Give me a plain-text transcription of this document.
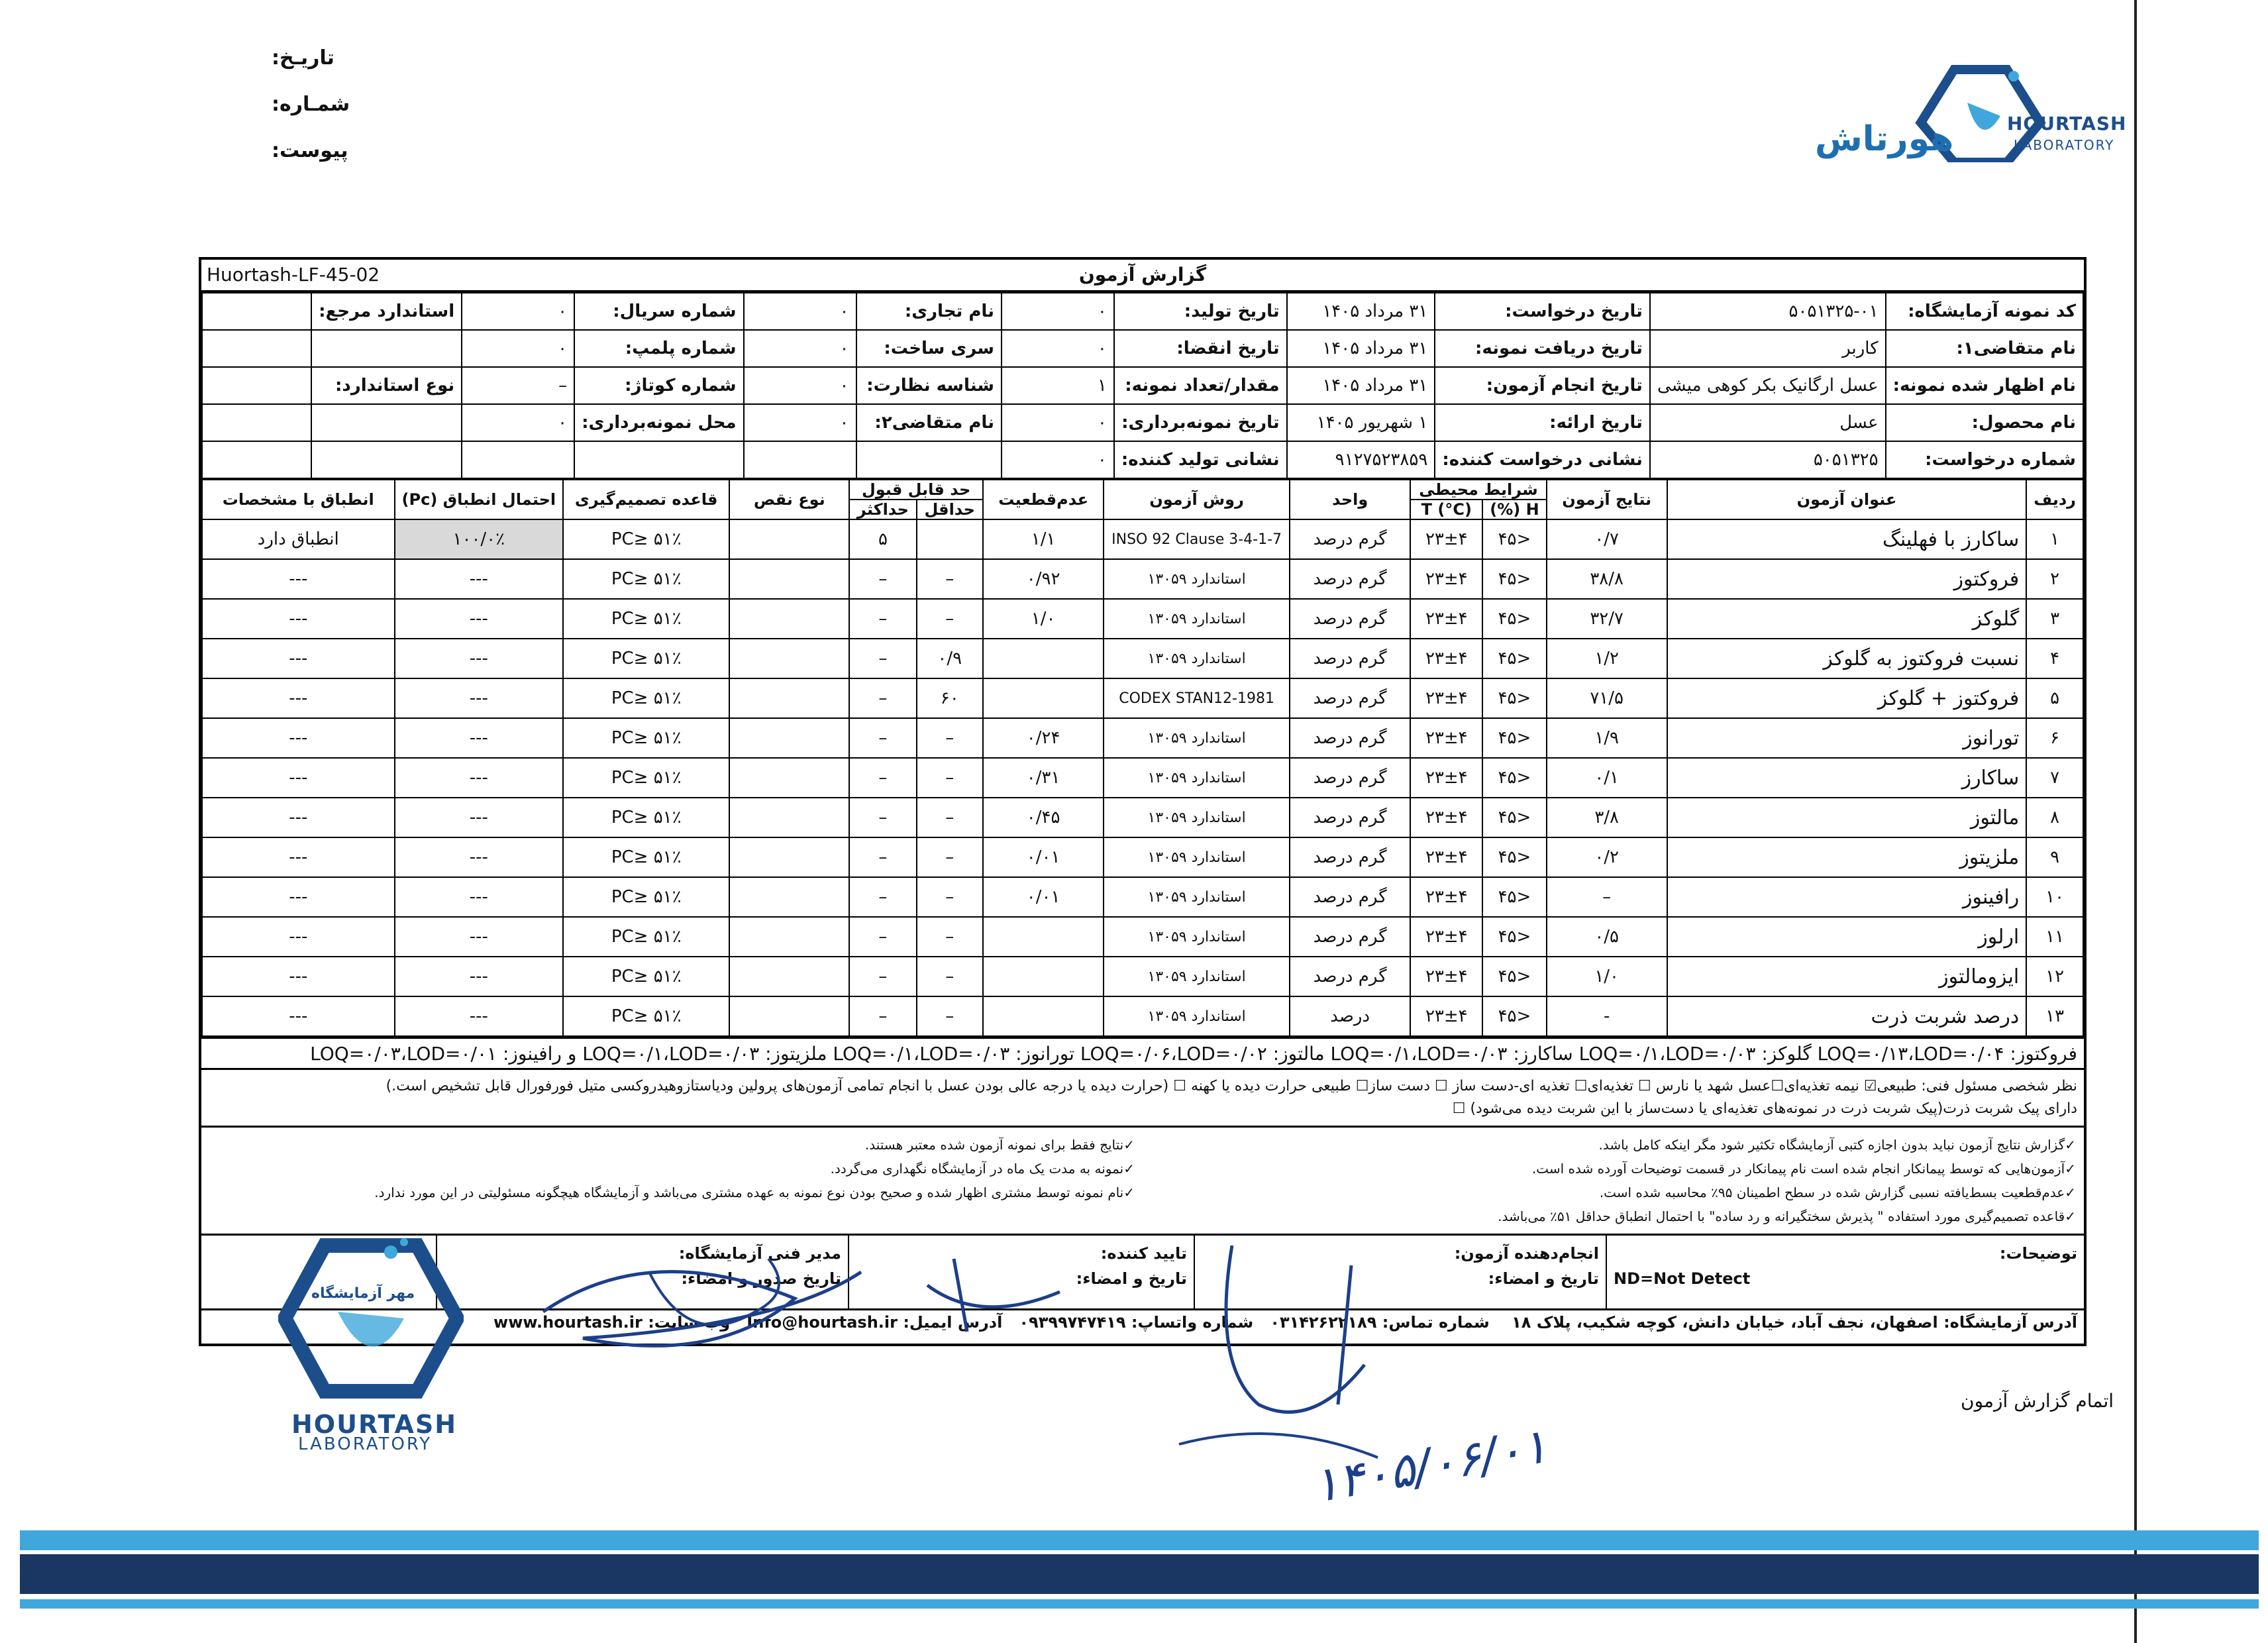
تاریـخ:
شمـاره:
پیوست:	هورتاش	HOURTASH
LABORATORY
Huortash-LF-45-02	گزارش آزمون
کد نمونه آزمایشگاه:	۵۰۵۱۳۲۵-۰۱	تاریخ درخواست:	۳۱ مرداد ۱۴۰۵	تاریخ تولید:	۰	نام تجاری:	۰	شماره سریال:	۰	استاندارد مرجع:	
نام متقاضی۱:	کاربر	تاریخ دریافت نمونه:	۳۱ مرداد ۱۴۰۵	تاریخ انقضا:	۰	سری ساخت:	۰	شماره پلمپ:	۰		
نام اظهار شده نمونه:	عسل ارگانیک بکر کوهی میشی	تاریخ انجام آزمون:	۳۱ مرداد ۱۴۰۵	مقدار/تعداد نمونه:	۱	شناسه نظارت:	۰	شماره کوتاژ:	–	نوع استاندارد:	
نام محصول:	عسل	تاریخ ارائه:	۱ شهریور ۱۴۰۵	تاریخ نمونه‌برداری:	۰	نام متقاضی۲:	۰	محل نمونه‌برداری:	۰		
شماره درخواست:	۵۰۵۱۳۲۵	نشانی درخواست کننده:	۹۱۲۷۵۲۳۸۵۹	نشانی تولید کننده:	۰						
ردیف	عنوان آزمون	نتایج آزمون	شرایط محیطی		واحد	روش آزمون	عدم‌قطعیت	حد قابل قبول		نوع نقص	قاعده تصمیم‌گیری	احتمال انطباق (Pc)	انطباق با مشخصات
			H (%)	T (°C)				حداقل	حداکثر				
۱	ساکارز با فهلینگ	۰/۷	<۴۵	۲۳±۴	گرم درصد	INSO 92 Clause 3-4-1-7	۱/۱		۵		PC≥ ۵۱٪	۱۰۰/۰٪	انطباق دارد
۲	فروکتوز	۳۸/۸	<۴۵	۲۳±۴	گرم درصد	استاندارد ۱۳۰۵۹	۰/۹۲	–	–		PC≥ ۵۱٪	---	---
۳	گلوکز	۳۲/۷	<۴۵	۲۳±۴	گرم درصد	استاندارد ۱۳۰۵۹	۱/۰	–	–		PC≥ ۵۱٪	---	---
۴	نسبت فروکتوز به گلوکز	۱/۲	<۴۵	۲۳±۴	گرم درصد	استاندارد ۱۳۰۵۹		۰/۹	–		PC≥ ۵۱٪	---	---
۵	فروکتوز + گلوکز	۷۱/۵	<۴۵	۲۳±۴	گرم درصد	CODEX STAN12-1981		۶۰	–		PC≥ ۵۱٪	---	---
۶	تورانوز	۱/۹	<۴۵	۲۳±۴	گرم درصد	استاندارد ۱۳۰۵۹	۰/۲۴	–	–		PC≥ ۵۱٪	---	---
۷	ساکارز	۰/۱	<۴۵	۲۳±۴	گرم درصد	استاندارد ۱۳۰۵۹	۰/۳۱	–	–		PC≥ ۵۱٪	---	---
۸	مالتوز	۳/۸	<۴۵	۲۳±۴	گرم درصد	استاندارد ۱۳۰۵۹	۰/۴۵	–	–		PC≥ ۵۱٪	---	---
۹	ملزیتوز	۰/۲	<۴۵	۲۳±۴	گرم درصد	استاندارد ۱۳۰۵۹	۰/۰۱	–	–		PC≥ ۵۱٪	---	---
۱۰	رافینوز	–	<۴۵	۲۳±۴	گرم درصد	استاندارد ۱۳۰۵۹	۰/۰۱	–	–		PC≥ ۵۱٪	---	---
۱۱	ارلوز	۰/۵	<۴۵	۲۳±۴	گرم درصد	استاندارد ۱۳۰۵۹		–	–		PC≥ ۵۱٪	---	---
۱۲	ایزومالتوز	۱/۰	<۴۵	۲۳±۴	گرم درصد	استاندارد ۱۳۰۵۹		–	–		PC≥ ۵۱٪	---	---
۱۳	درصد شربت ذرت	-	<۴۵	۲۳±۴	درصد	استاندارد ۱۳۰۵۹		–	–		PC≥ ۵۱٪	---	---
فروکتوز: LOQ=۰/۱۳،LOD=۰/۰۴ گلوکز: LOQ=۰/۱،LOD=۰/۰۳ ساکارز: LOQ=۰/۱،LOD=۰/۰۳ مالتوز: LOQ=۰/۰۶،LOD=۰/۰۲ تورانوز: LOQ=۰/۱،LOD=۰/۰۳ ملزیتوز: LOQ=۰/۱،LOD=۰/۰۳ و رافینوز: LOQ=۰/۰۳،LOD=۰/۰۱
نظر شخصی مسئول فنی: طبیعی☑ نیمه تغذیه‌ای☐عسل شهد یا نارس ☐ تغذیه‌ای☐ تغذیه ای-دست ساز ☐ دست ساز☐ طبیعی حرارت دیده یا کهنه ☐ (حرارت دیده یا درجه عالی بودن عسل با انجام تمامی آزمون‌های پرولین ودیاستازوهیدروکسی متیل فورفورال قابل تشخیص است.)
دارای پیک شربت ذرت(پیک شربت ذرت در نمونه‌های تغذیه‌ای یا دست‌ساز با این شربت دیده می‌شود) ☐
✓گزارش نتایج آزمون نباید بدون اجازه کتبی آزمایشگاه تکثیر شود مگر اینکه کامل باشد.
✓آزمون‌هایی که توسط پیمانکار انجام شده است نام پیمانکار در قسمت توضیحات آورده شده است.
✓عدم‌قطعیت بسط‌یافته نسبی گزارش شده در سطح اطمینان ۹۵٪ محاسبه شده است.
✓قاعده تصمیم‌گیری مورد استفاده " پذیرش سختگیرانه و رد ساده" با احتمال انطباق حداقل ۵۱٪ می‌باشد.
✓نتایج فقط برای نمونه آزمون شده معتبر هستند.
✓نمونه به مدت یک ماه در آزمایشگاه نگهداری می‌گردد.
✓نام نمونه توسط مشتری اظهار شده و صحیح بودن نوع نمونه به عهده مشتری می‌باشد و آزمایشگاه هیچگونه مسئولیتی در این مورد ندارد.
توضیحات:

ND=Not Detect
انجام‌دهنده آزمون:
تاریخ و امضاء:
تایید کننده:
تاریخ و امضاء:
مدیر فنی آزمایشگاه:
تاریخ صدور و امضاء:
آدرس آزمایشگاه: اصفهان، نجف آباد، خیابان دانش، کوچه شکیب، پلاک ۱۸    شماره تماس: ۰۳۱۴۲۶۲۲۱۸۹   شماره واتساپ: ۰۹۳۹۹۷۴۷۴۱۹   آدرس ایمیل: Info@hourtash.ir   وب سایت: www.hourtash.ir
اتمام گزارش آزمون
مهر آزمایشگاه
HOURTASH
LABORATORY	۱۴۰۵/۰۶/۰۱
